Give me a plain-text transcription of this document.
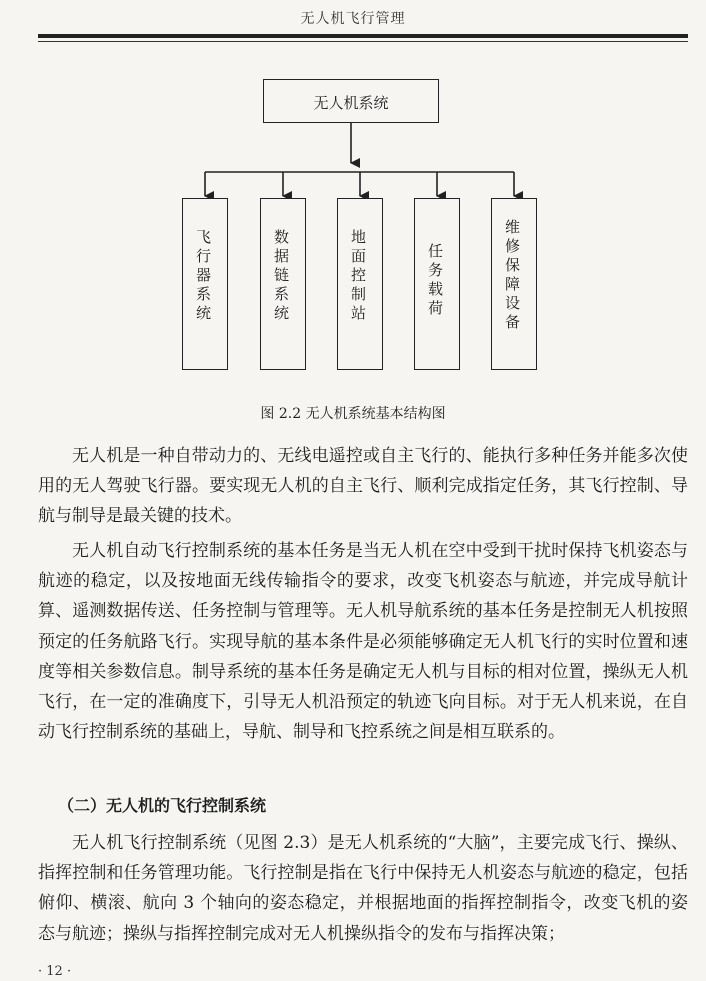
无人机飞行管理
无人机系统
飞行器系统	数据链系统	地面控制站	任务载荷	维修保障设备
图 2.2 无人机系统基本结构图

无人机是一种自带动力的、无线电遥控或自主飞行的、能执行多种任务并能多次使用的无人驾驶飞行器。要实现无人机的自主飞行、顺利完成指定任务，其飞行控制、导航与制导是最关键的技术。

无人机自动飞行控制系统的基本任务是当无人机在空中受到干扰时保持飞机姿态与航迹的稳定，以及按地面无线传输指令的要求，改变飞机姿态与航迹，并完成导航计算、遥测数据传送、任务控制与管理等。无人机导航系统的基本任务是控制无人机按照预定的任务航路飞行。实现导航的基本条件是必须能够确定无人机飞行的实时位置和速度等相关参数信息。制导系统的基本任务是确定无人机与目标的相对位置，操纵无人机飞行，在一定的准确度下，引导无人机沿预定的轨迹飞向目标。对于无人机来说，在自动飞行控制系统的基础上，导航、制导和飞控系统之间是相互联系的。

（二）无人机的飞行控制系统

无人机飞行控制系统（见图 2.3）是无人机系统的“大脑”，主要完成飞行、操纵、指挥控制和任务管理功能。飞行控制是指在飞行中保持无人机姿态与航迹的稳定，包括俯仰、横滚、航向 3 个轴向的姿态稳定，并根据地面的指挥控制指令，改变飞机的姿态与航迹；操纵与指挥控制完成对无人机操纵指令的发布与指挥决策；

· 12 ·
